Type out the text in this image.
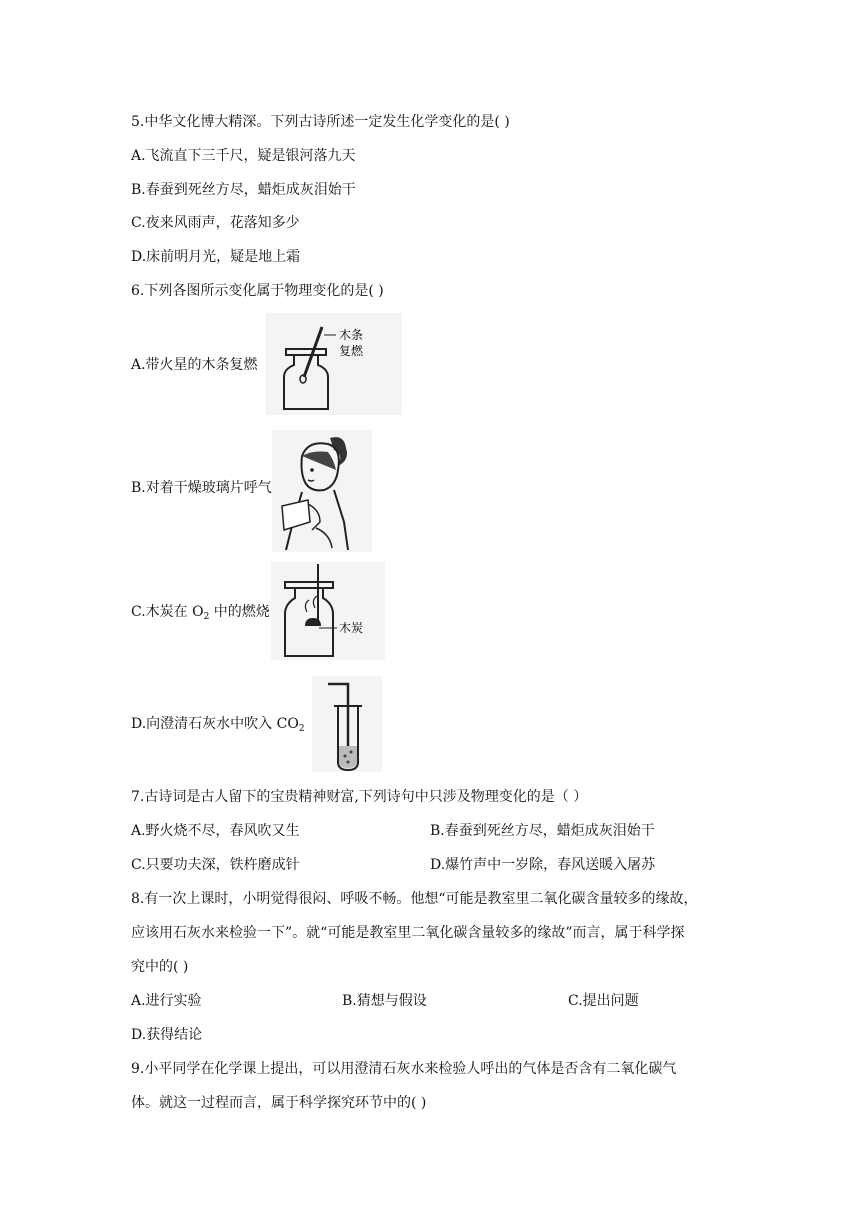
5.中华文化博大精深。下列古诗所述一定发生化学变化的是( )
A.飞流直下三千尺，疑是银河落九天
B.春蚕到死丝方尽，蜡炬成灰泪始干
C.夜来风雨声，花落知多少
D.床前明月光，疑是地上霜
6.下列各图所示变化属于物理变化的是( )
A.带火星的木条复燃
木条
复燃
B.对着干燥玻璃片呼气
C.木炭在 $O_2$ 中的燃烧
木炭
D.向澄清石灰水中吹入 $CO_2$
7.古诗词是古人留下的宝贵精神财富,下列诗句中只涉及物理变化的是（ ）
A.野火烧不尽，春风吹又生	B.春蚕到死丝方尽，蜡炬成灰泪始干
C.只要功夫深，铁杵磨成针	D.爆竹声中一岁除，春风送暖入屠苏
8.有一次上课时，小明觉得很闷、呼吸不畅。他想“可能是教室里二氧化碳含量较多的缘故，
应该用石灰水来检验一下”。就“可能是教室里二氧化碳含量较多的缘故”而言，属于科学探
究中的( )
A.进行实验	B.猜想与假设	C.提出问题
D.获得结论
9.小平同学在化学课上提出，可以用澄清石灰水来检验人呼出的气体是否含有二氧化碳气
体。就这一过程而言，属于科学探究环节中的( )
